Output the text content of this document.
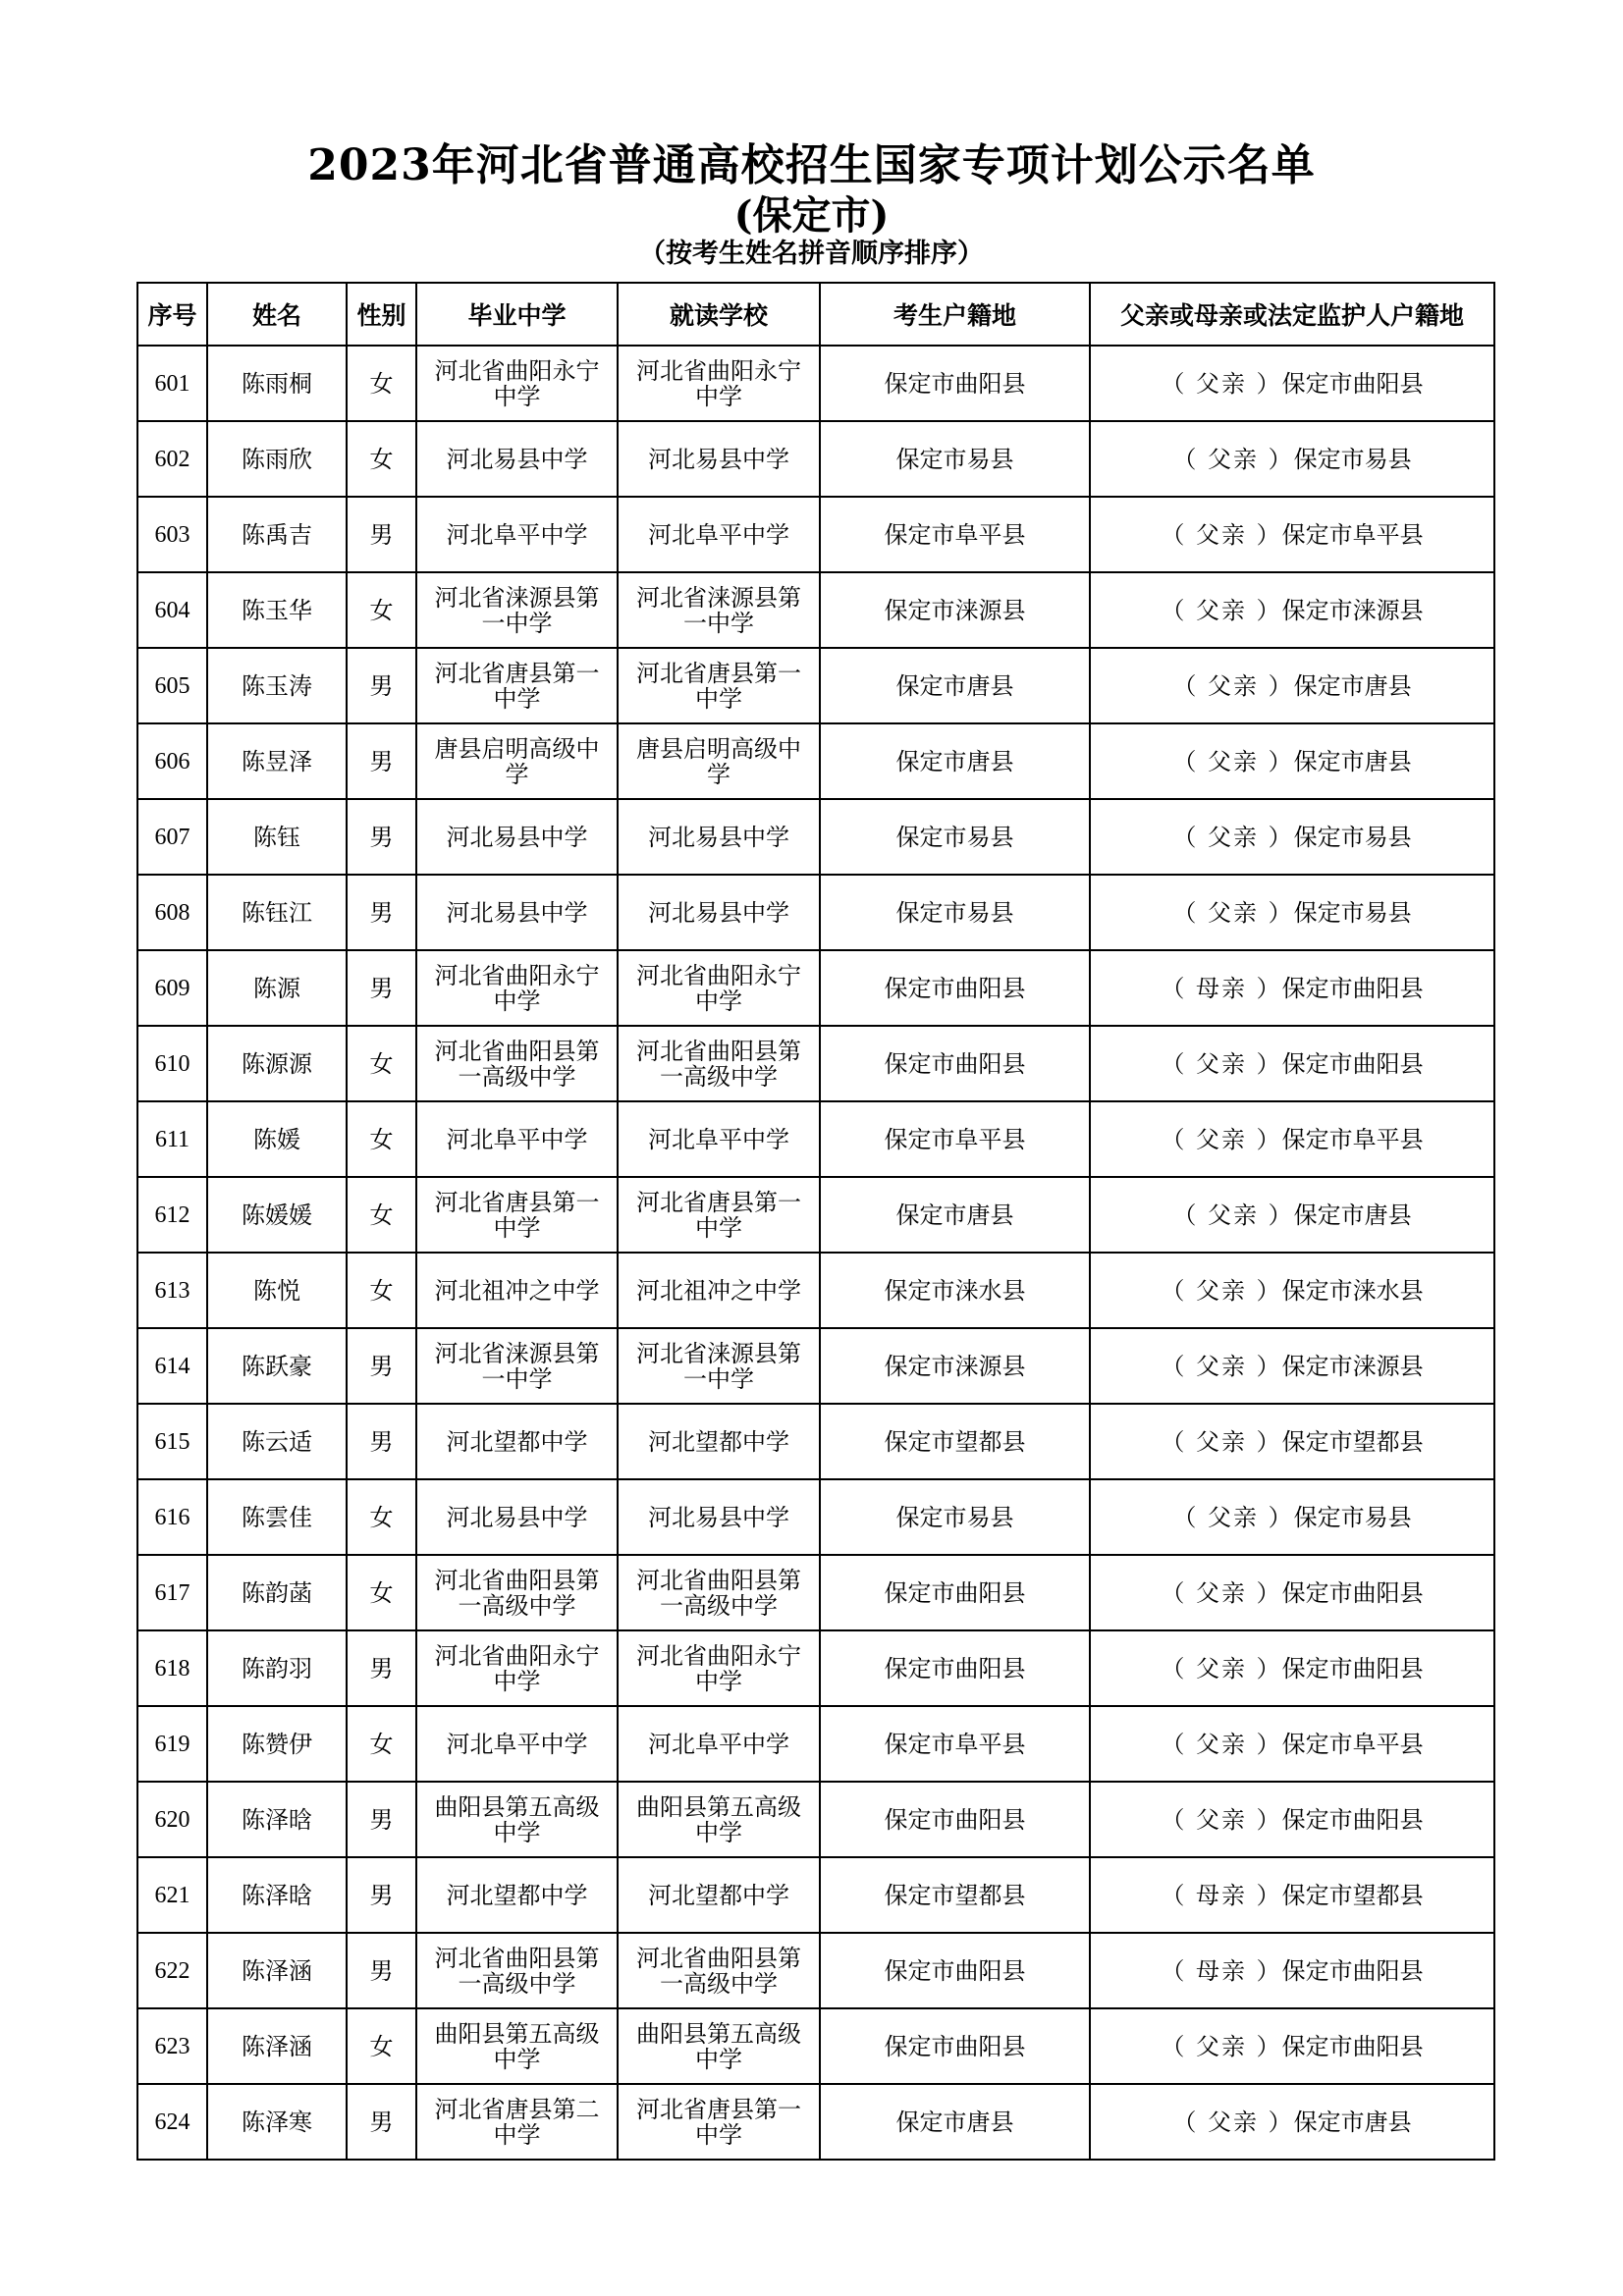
2023年河北省普通高校招生国家专项计划公示名单
(保定市)
（按考生姓名拼音顺序排序）
序号	姓名	性别	毕业中学	就读学校	考生户籍地	父亲或母亲或法定监护人户籍地
601	陈雨桐	女	河北省曲阳永宁中学	河北省曲阳永宁中学	保定市曲阳县	（ 父亲 ）保定市曲阳县
602	陈雨欣	女	河北易县中学	河北易县中学	保定市易县	（ 父亲 ）保定市易县
603	陈禹吉	男	河北阜平中学	河北阜平中学	保定市阜平县	（ 父亲 ）保定市阜平县
604	陈玉华	女	河北省涞源县第一中学	河北省涞源县第一中学	保定市涞源县	（ 父亲 ）保定市涞源县
605	陈玉涛	男	河北省唐县第一中学	河北省唐县第一中学	保定市唐县	（ 父亲 ）保定市唐县
606	陈昱泽	男	唐县启明高级中学	唐县启明高级中学	保定市唐县	（ 父亲 ）保定市唐县
607	陈钰	男	河北易县中学	河北易县中学	保定市易县	（ 父亲 ）保定市易县
608	陈钰江	男	河北易县中学	河北易县中学	保定市易县	（ 父亲 ）保定市易县
609	陈源	男	河北省曲阳永宁中学	河北省曲阳永宁中学	保定市曲阳县	（ 母亲 ）保定市曲阳县
610	陈源源	女	河北省曲阳县第一高级中学	河北省曲阳县第一高级中学	保定市曲阳县	（ 父亲 ）保定市曲阳县
611	陈媛	女	河北阜平中学	河北阜平中学	保定市阜平县	（ 父亲 ）保定市阜平县
612	陈媛媛	女	河北省唐县第一中学	河北省唐县第一中学	保定市唐县	（ 父亲 ）保定市唐县
613	陈悦	女	河北祖冲之中学	河北祖冲之中学	保定市涞水县	（ 父亲 ）保定市涞水县
614	陈跃豪	男	河北省涞源县第一中学	河北省涞源县第一中学	保定市涞源县	（ 父亲 ）保定市涞源县
615	陈云适	男	河北望都中学	河北望都中学	保定市望都县	（ 父亲 ）保定市望都县
616	陈雲佳	女	河北易县中学	河北易县中学	保定市易县	（ 父亲 ）保定市易县
617	陈韵菡	女	河北省曲阳县第一高级中学	河北省曲阳县第一高级中学	保定市曲阳县	（ 父亲 ）保定市曲阳县
618	陈韵羽	男	河北省曲阳永宁中学	河北省曲阳永宁中学	保定市曲阳县	（ 父亲 ）保定市曲阳县
619	陈赞伊	女	河北阜平中学	河北阜平中学	保定市阜平县	（ 父亲 ）保定市阜平县
620	陈泽晗	男	曲阳县第五高级中学	曲阳县第五高级中学	保定市曲阳县	（ 父亲 ）保定市曲阳县
621	陈泽晗	男	河北望都中学	河北望都中学	保定市望都县	（ 母亲 ）保定市望都县
622	陈泽涵	男	河北省曲阳县第一高级中学	河北省曲阳县第一高级中学	保定市曲阳县	（ 母亲 ）保定市曲阳县
623	陈泽涵	女	曲阳县第五高级中学	曲阳县第五高级中学	保定市曲阳县	（ 父亲 ）保定市曲阳县
624	陈泽寒	男	河北省唐县第二中学	河北省唐县第一中学	保定市唐县	（ 父亲 ）保定市唐县
